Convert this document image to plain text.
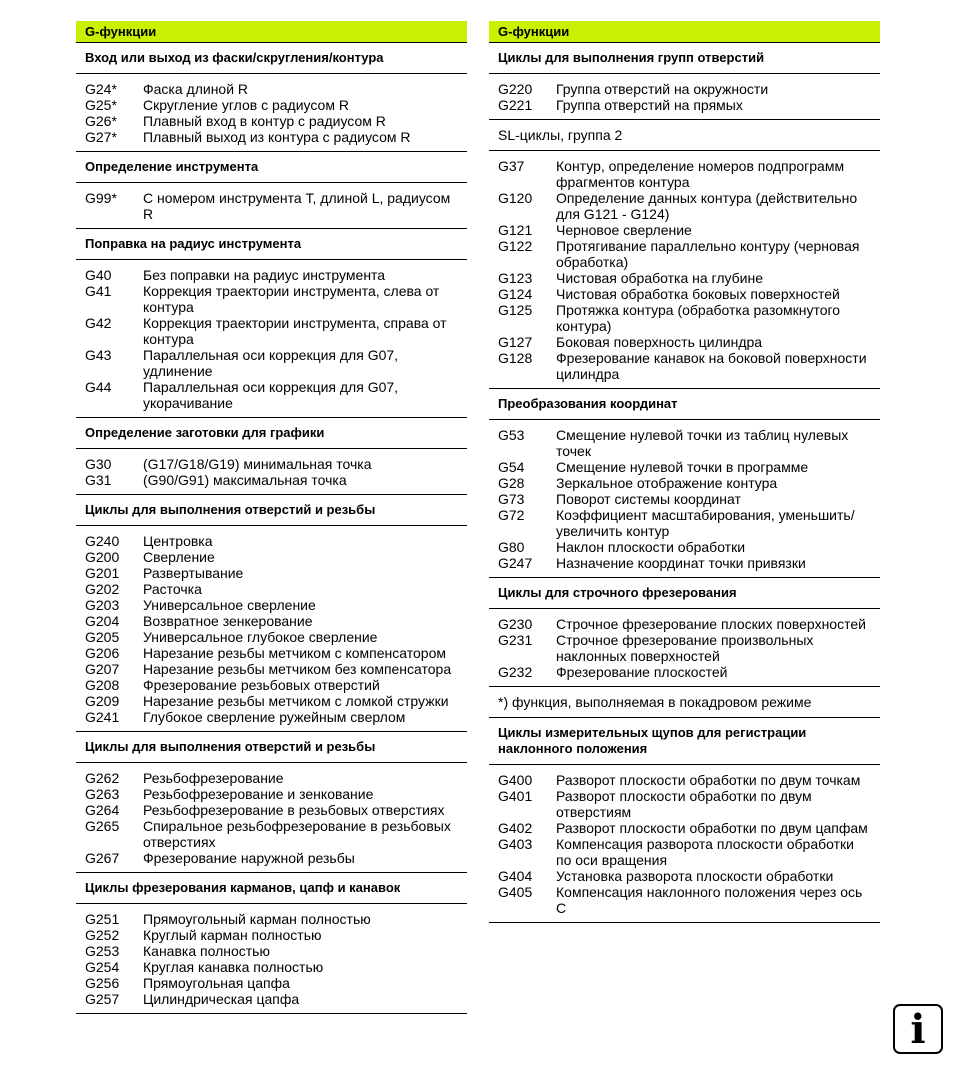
G-функции
Вход или выход из фаски/скругления/контура
G24*	Фаска длиной R
G25*	Скругление углов с радиусом R
G26*	Плавный вход в контур с радиусом R
G27*	Плавный выход из контура с радиусом R
Определение инструмента
G99*	С номером инструмента T, длиной L, радиусом R
Поправка на радиус инструмента
G40	Без поправки на радиус инструмента
G41	Коррекция траектории инструмента, слева от контура
G42	Коррекция траектории инструмента, справа от контура
G43	Параллельная оси коррекция для G07, удлинение
G44	Параллельная оси коррекция для G07, укорачивание
Определение заготовки для графики
G30	(G17/G18/G19) минимальная точка
G31	(G90/G91) максимальная точка
Циклы для выполнения отверстий и резьбы
G240	Центровка
G200	Сверление
G201	Развертывание
G202	Расточка
G203	Универсальное сверление
G204	Возвратное зенкерование
G205	Универсальное глубокое сверление
G206	Нарезание резьбы метчиком с компенсатором
G207	Нарезание резьбы метчиком без компенсатора
G208	Фрезерование резьбовых отверстий
G209	Нарезание резьбы метчиком с ломкой стружки
G241	Глубокое сверление ружейным сверлом
Циклы для выполнения отверстий и резьбы
G262	Резьбофрезерование
G263	Резьбофрезерование и зенкование
G264	Резьбофрезерование в резьбовых отверстиях
G265	Спиральное резьбофрезерование в резьбовых отверстиях
G267	Фрезерование наружной резьбы
Циклы фрезерования карманов, цапф и канавок
G251	Прямоугольный карман полностью
G252	Круглый карман полностью
G253	Канавка полностью
G254	Круглая канавка полностью
G256	Прямоугольная цапфа
G257	Цилиндрическая цапфа
G-функции
Циклы для выполнения групп отверстий
G220	Группа отверстий на окружности
G221	Группа отверстий на прямых
SL-циклы, группа 2
G37	Контур, определение номеров подпрограмм фрагментов контура
G120	Определение данных контура (действительно для G121 - G124)
G121	Черновое сверление
G122	Протягивание параллельно контуру (черновая обработка)
G123	Чистовая обработка на глубине
G124	Чистовая обработка боковых поверхностей
G125	Протяжка контура (обработка разомкнутого контура)
G127	Боковая поверхность цилиндра
G128	Фрезерование канавок на боковой поверхности цилиндра
Преобразования координат
G53	Смещение нулевой точки из таблиц нулевых точек
G54	Смещение нулевой точки в программе
G28	Зеркальное отображение контура
G73	Поворот системы координат
G72	Коэффициент масштабирования, уменьшить/увеличить контур
G80	Наклон плоскости обработки
G247	Назначение координат точки привязки
Циклы для строчного фрезерования
G230	Строчное фрезерование плоских поверхностей
G231	Строчное фрезерование произвольных наклонных поверхностей
G232	Фрезерование плоскостей
*) функция, выполняемая в покадровом режиме
Циклы измерительных щупов для регистрации наклонного положения
G400	Разворот плоскости обработки по двум точкам
G401	Разворот плоскости обработки по двум отверстиям
G402	Разворот плоскости обработки по двум цапфам
G403	Компенсация разворота плоскости обработки по оси вращения
G404	Установка разворота плоскости обработки
G405	Компенсация наклонного положения через ось C
i
